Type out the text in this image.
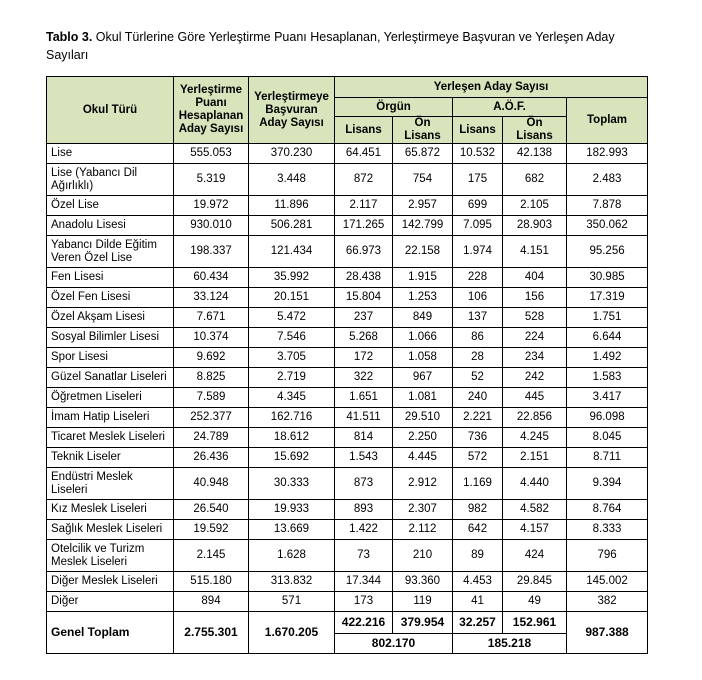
Tablo 3. Okul Türlerine Göre Yerleştirme Puanı Hesaplanan, Yerleştirmeye Başvuran ve Yerleşen Aday Sayıları
Okul Türü	Yerleştirme Puanı Hesaplanan Aday Sayısı	Yerleştirmeye Başvuran Aday Sayısı	Yerleşen Aday Sayısı				
			Örgün		A.Ö.F.		Toplam
			Lisans	Ön Lisans	Lisans	Ön Lisans	
Lise	555.053	370.230	64.451	65.872	10.532	42.138	182.993
Lise (Yabancı Dil Ağırlıklı)	5.319	3.448	872	754	175	682	2.483
Özel Lise	19.972	11.896	2.117	2.957	699	2.105	7.878
Anadolu Lisesi	930.010	506.281	171.265	142.799	7.095	28.903	350.062
Yabancı Dilde Eğitim Veren Özel Lise	198.337	121.434	66.973	22.158	1.974	4.151	95.256
Fen Lisesi	60.434	35.992	28.438	1.915	228	404	30.985
Özel Fen Lisesi	33.124	20.151	15.804	1.253	106	156	17.319
Özel Akşam Lisesi	7.671	5.472	237	849	137	528	1.751
Sosyal Bilimler Lisesi	10.374	7.546	5.268	1.066	86	224	6.644
Spor Lisesi	9.692	3.705	172	1.058	28	234	1.492
Güzel Sanatlar Liseleri	8.825	2.719	322	967	52	242	1.583
Öğretmen Liseleri	7.589	4.345	1.651	1.081	240	445	3.417
İmam Hatip Liseleri	252.377	162.716	41.511	29.510	2.221	22.856	96.098
Ticaret Meslek Liseleri	24.789	18.612	814	2.250	736	4.245	8.045
Teknik Liseler	26.436	15.692	1.543	4.445	572	2.151	8.711
Endüstri Meslek Liseleri	40.948	30.333	873	2.912	1.169	4.440	9.394
Kız Meslek Liseleri	26.540	19.933	893	2.307	982	4.582	8.764
Sağlık Meslek Liseleri	19.592	13.669	1.422	2.112	642	4.157	8.333
Otelcilik ve Turizm Meslek Liseleri	2.145	1.628	73	210	89	424	796
Diğer Meslek Liseleri	515.180	313.832	17.344	93.360	4.453	29.845	145.002
Diğer	894	571	173	119	41	49	382
Genel Toplam	2.755.301	1.670.205	422.216	379.954	32.257	152.961	987.388
			802.170		185.218		
